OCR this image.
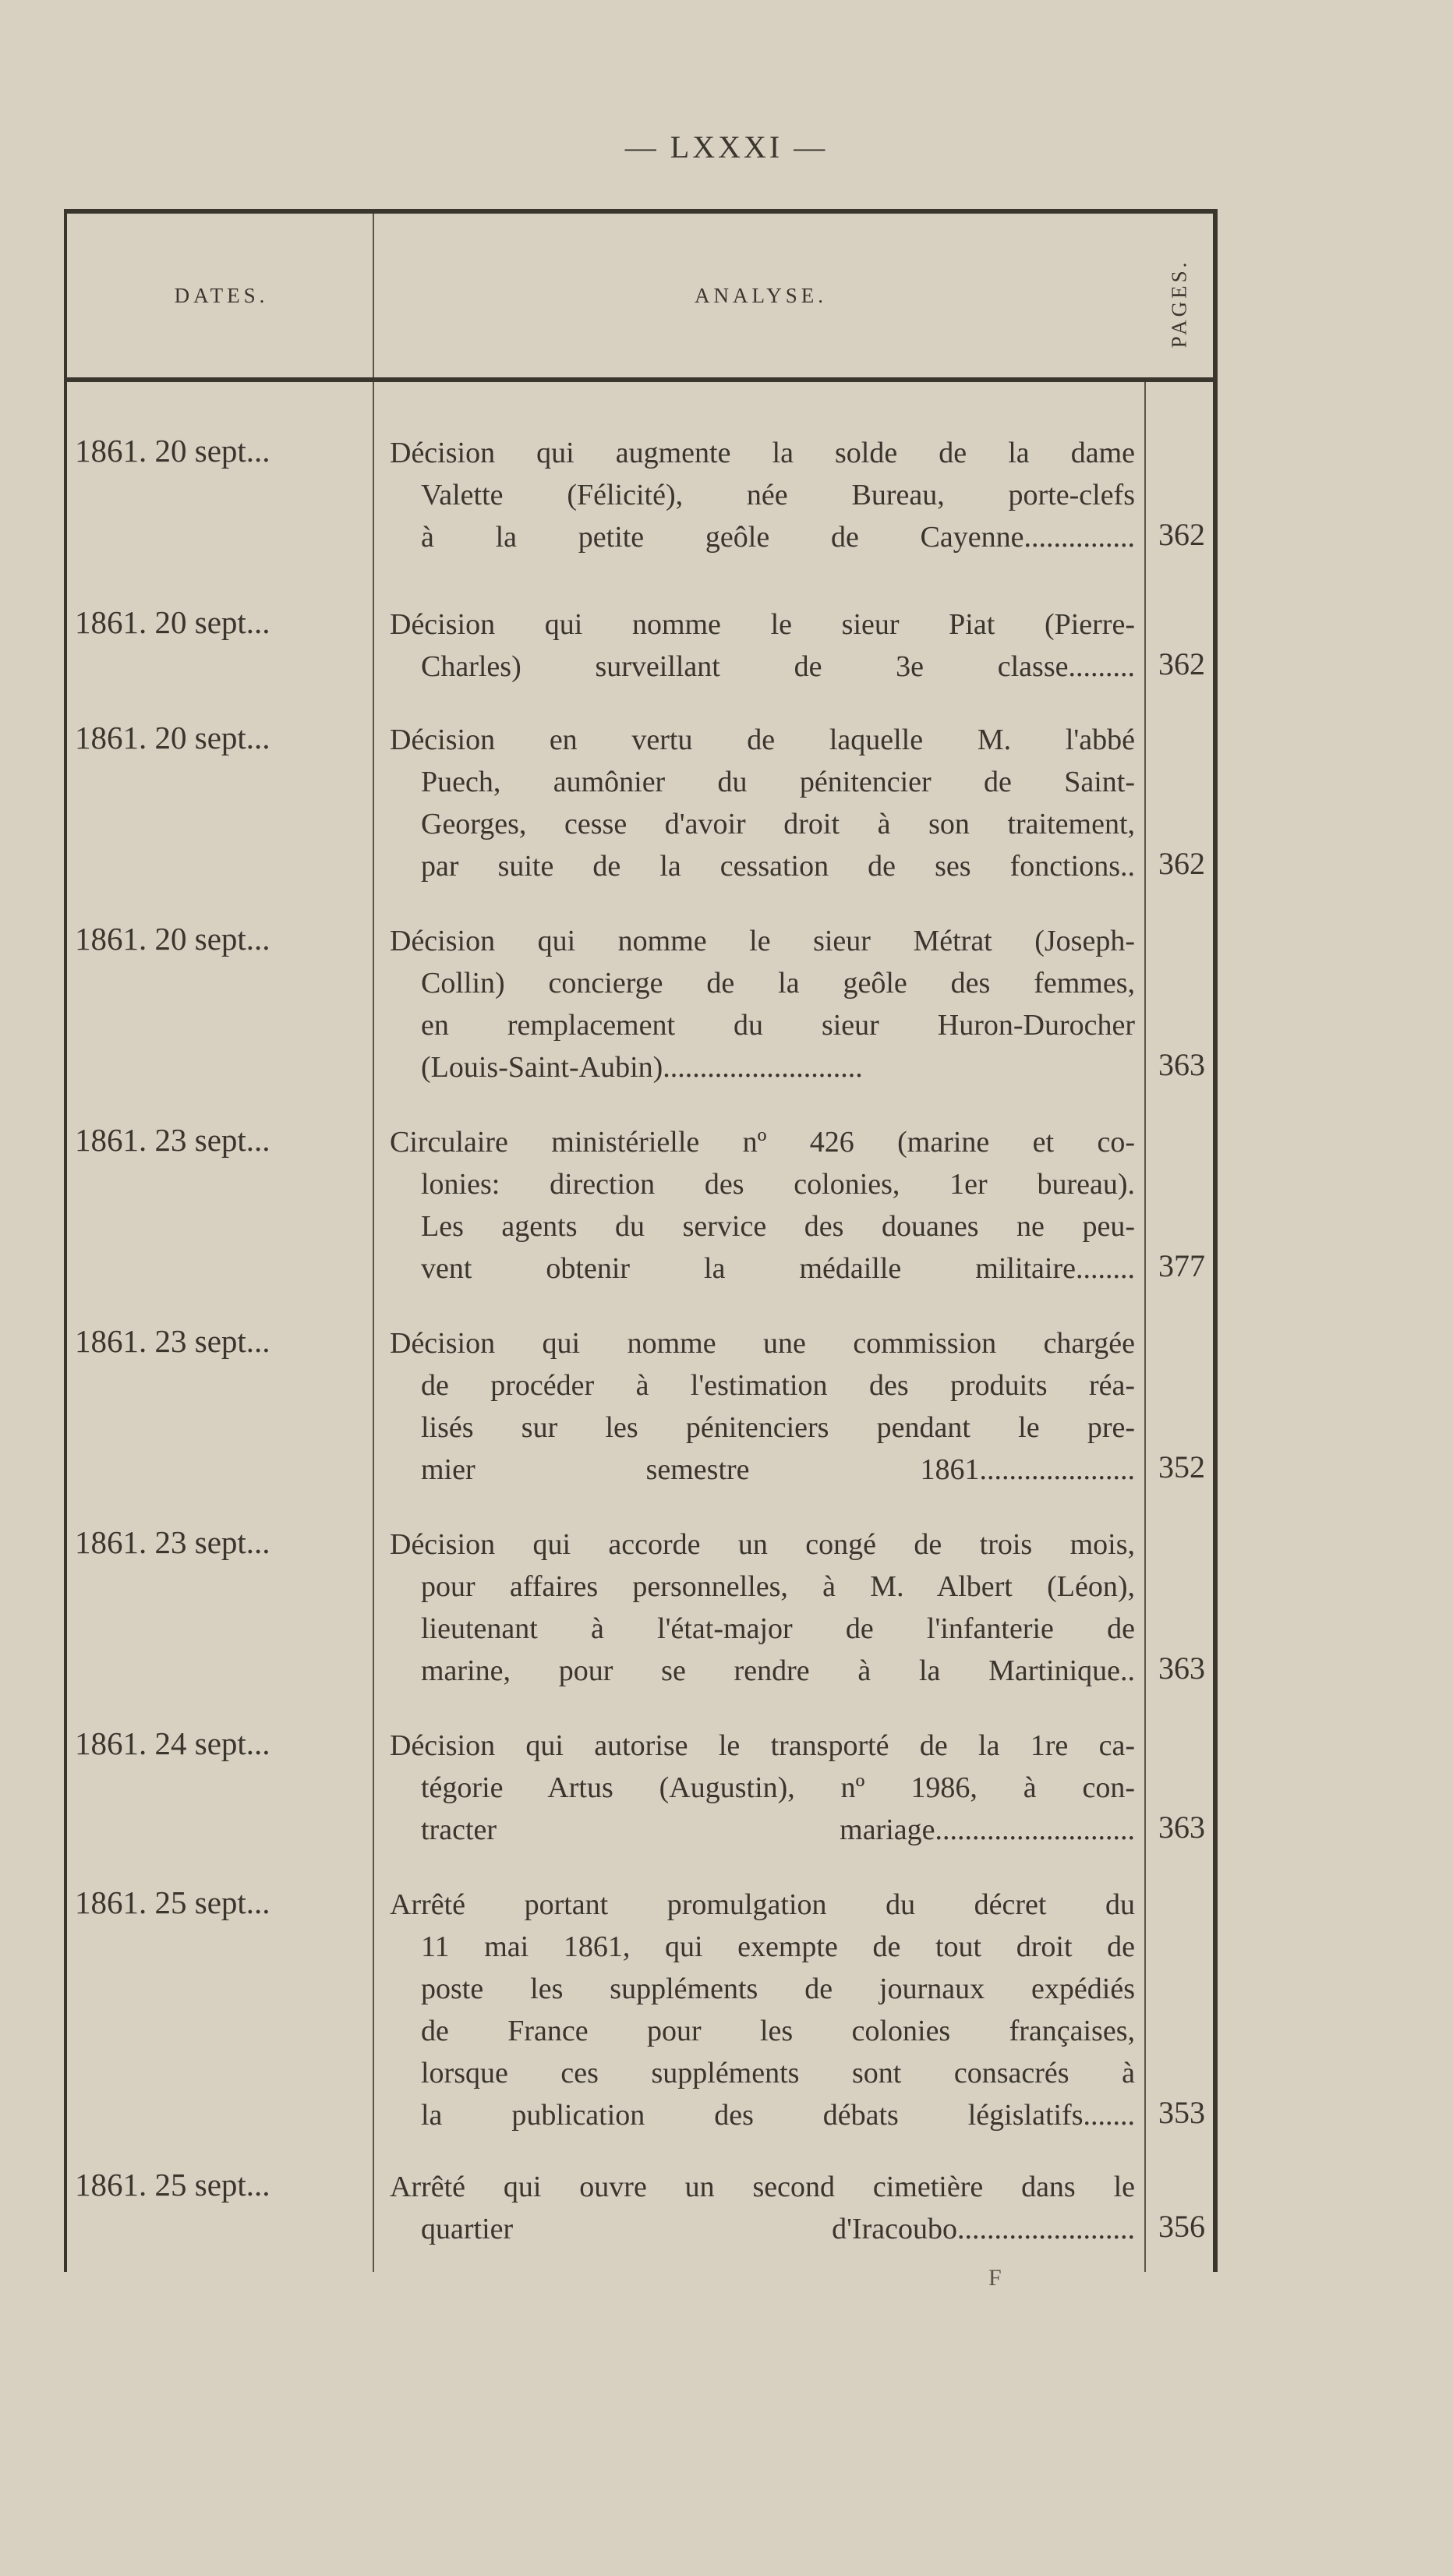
— LXXXI —
DATES.	ANALYSE.	PAGES.
1861. 20 sept...	Décision qui augmente la solde de la dame
Valette (Félicité), née Bureau, porte-clefs
à la petite geôle de Cayenne............... 362
1861. 20 sept...	Décision qui nomme le sieur Piat (Pierre-
Charles) surveillant de 3e classe......... 362
1861. 20 sept...	Décision en vertu de laquelle M. l'abbé
Puech, aumônier du pénitencier de Saint-
Georges, cesse d'avoir droit à son traitement,
par suite de la cessation de ses fonctions.. 362
1861. 20 sept...	Décision qui nomme le sieur Métrat (Joseph-
Collin) concierge de la geôle des femmes,
en remplacement du sieur Huron-Durocher
(Louis-Saint-Aubin)...........................	363
1861. 23 sept...	Circulaire ministérielle nº 426 (marine et co-
lonies: direction des colonies, 1er bureau).
Les agents du service des douanes ne peu-
vent obtenir la médaille militaire........ 377
1861. 23 sept...	Décision qui nomme une commission chargée
de procéder à l'estimation des produits réa-
lisés sur les pénitenciers pendant le pre-
mier semestre 1861..................... 352
1861. 23 sept...	Décision qui accorde un congé de trois mois,
pour affaires personnelles, à M. Albert (Léon),
lieutenant à l'état-major de l'infanterie de
marine, pour se rendre à la Martinique.. 363
1861. 24 sept...	Décision qui autorise le transporté de la 1re ca-
tégorie Artus (Augustin), nº 1986, à con-
tracter mariage........................... 363
1861. 25 sept...	Arrêté portant promulgation du décret du
11 mai 1861, qui exempte de tout droit de
poste les suppléments de journaux expédiés
de France pour les colonies françaises,
lorsque ces suppléments sont consacrés à
la publication des débats législatifs....... 353
1861. 25 sept...	Arrêté qui ouvre un second cimetière dans le
quartier d'Iracoubo........................ 356
F
